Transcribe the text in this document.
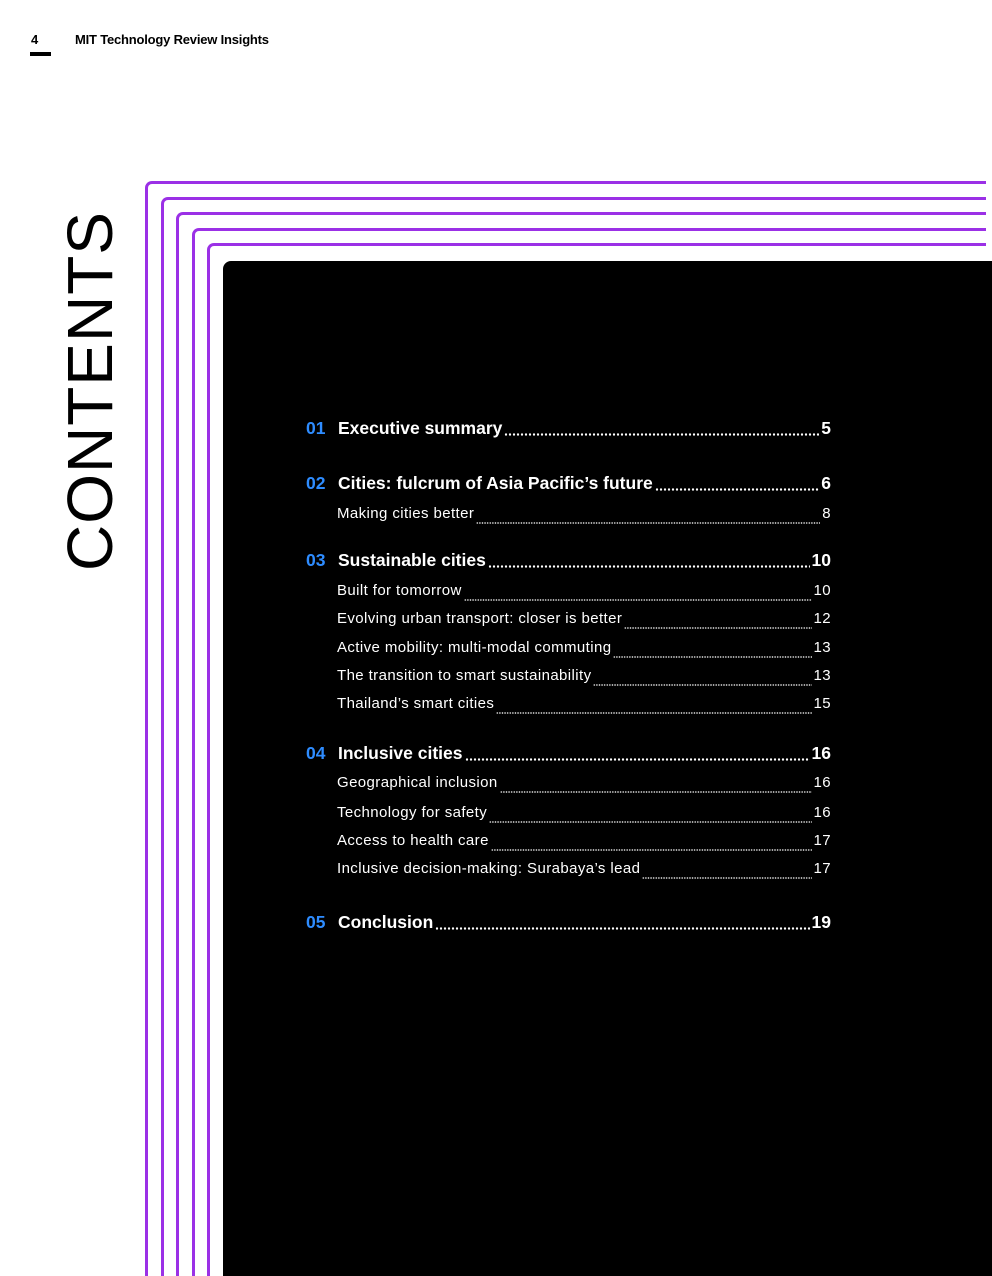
4	MIT Technology Review Insights
CONTENTS	01 Executive summary	5
02 Cities: fulcrum of Asia Pacific’s future	6
Making cities better	8
03 Sustainable cities	10
Built for tomorrow	10
Evolving urban transport: closer is better	12
Active mobility: multi-modal commuting	13
The transition to smart sustainability	13
Thailand’s smart cities	15
04 Inclusive cities	16
Geographical inclusion	16
Technology for safety	16
Access to health care	17
Inclusive decision-making: Surabaya’s lead	17
05 Conclusion	19
